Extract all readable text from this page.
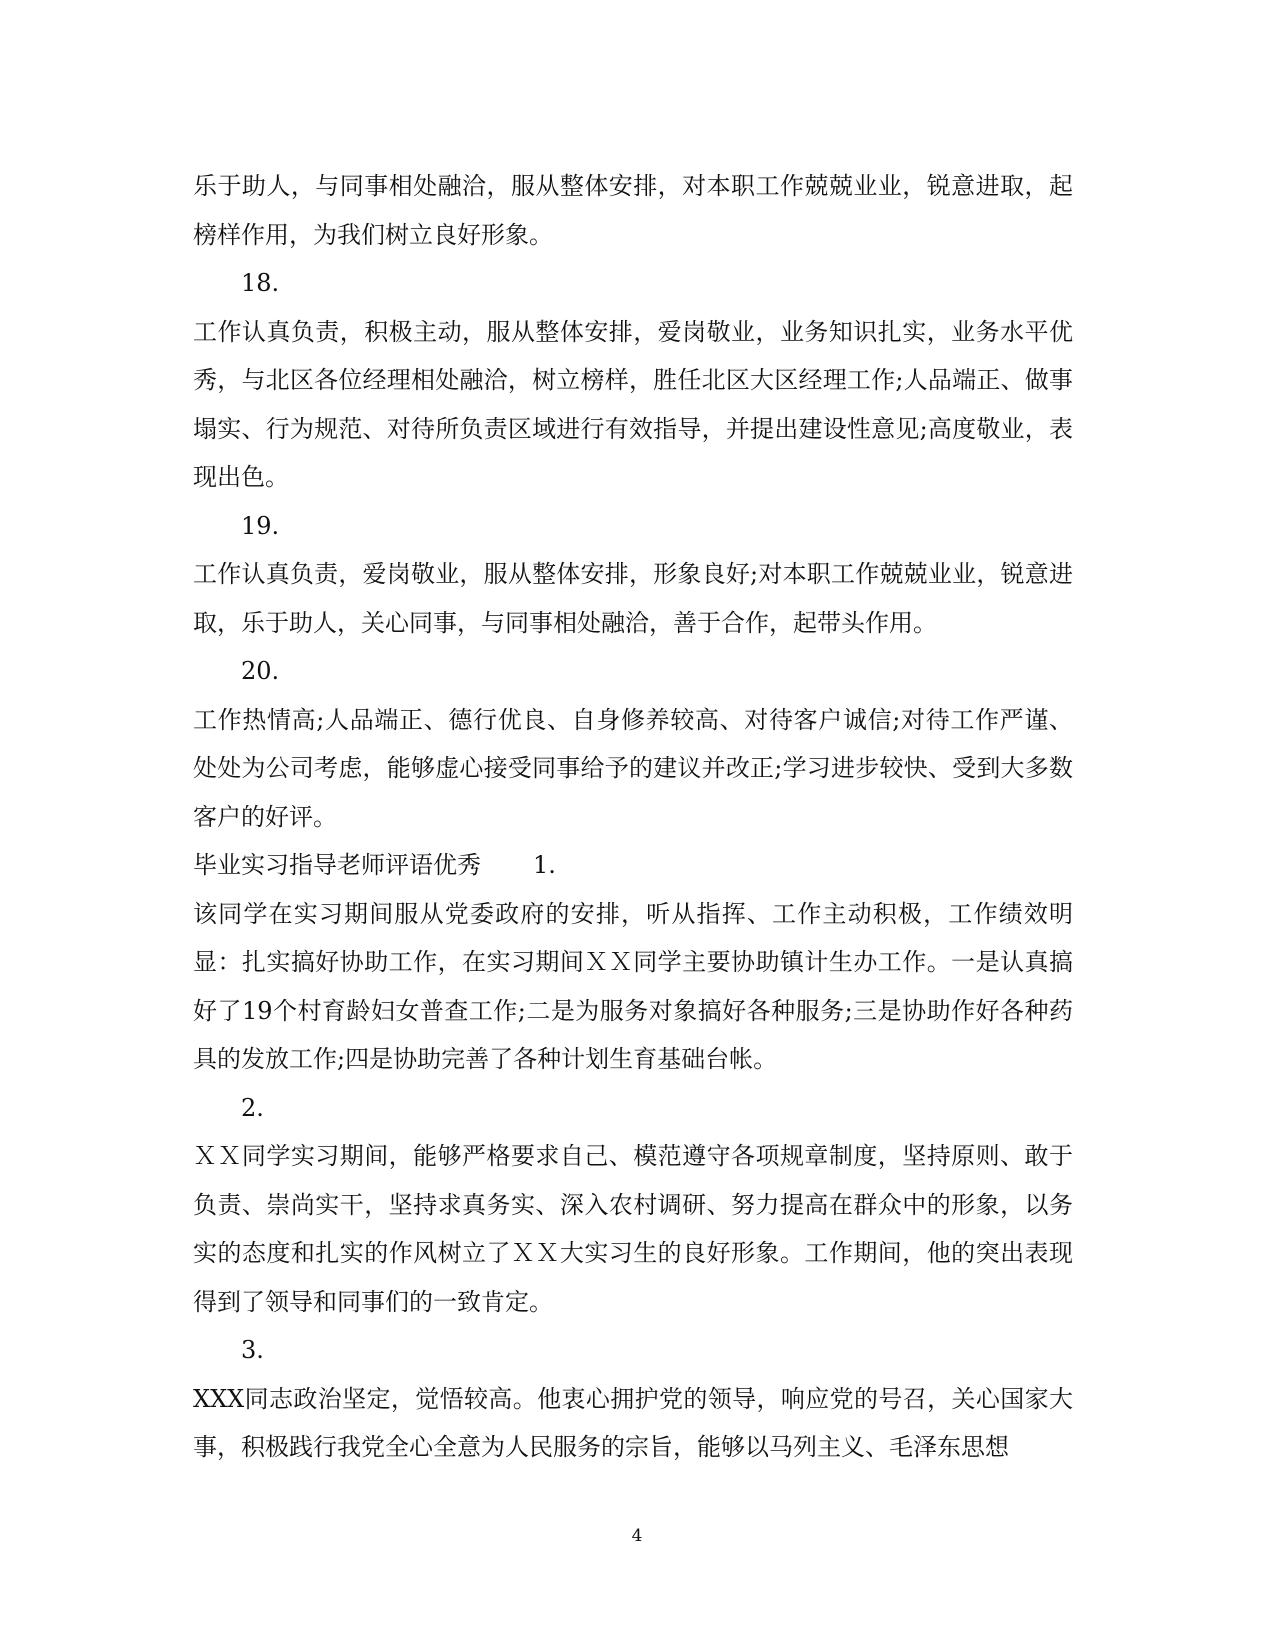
乐于助人，与同事相处融洽，服从整体安排，对本职工作兢兢业业，锐意进取，起榜样作用，为我们树立良好形象。

18.

工作认真负责，积极主动，服从整体安排，爱岗敬业，业务知识扎实，业务水平优秀，与北区各位经理相处融洽，树立榜样，胜任北区大区经理工作;人品端正、做事塌实、行为规范、对待所负责区域进行有效指导，并提出建设性意见;高度敬业，表现出色。

19.

工作认真负责，爱岗敬业，服从整体安排，形象良好;对本职工作兢兢业业，锐意进取，乐于助人，关心同事，与同事相处融洽，善于合作，起带头作用。

20.

工作热情高;人品端正、德行优良、自身修养较高、对待客户诚信;对待工作严谨、处处为公司考虑，能够虚心接受同事给予的建议并改正;学习进步较快、受到大多数客户的好评。

毕业实习指导老师评语优秀 1.

该同学在实习期间服从党委政府的安排，听从指挥、工作主动积极，工作绩效明显：扎实搞好协助工作，在实习期间ＸＸ同学主要协助镇计生办工作。一是认真搞好了19个村育龄妇女普查工作;二是为服务对象搞好各种服务;三是协助作好各种药具的发放工作;四是协助完善了各种计划生育基础台帐。

2.

ＸＸ同学实习期间，能够严格要求自己、模范遵守各项规章制度，坚持原则、敢于负责、崇尚实干，坚持求真务实、深入农村调研、努力提高在群众中的形象，以务实的态度和扎实的作风树立了ＸＸ大实习生的良好形象。工作期间，他的突出表现得到了领导和同事们的一致肯定。

3.

XXX同志政治坚定，觉悟较高。他衷心拥护党的领导，响应党的号召，关心国家大事，积极践行我党全心全意为人民服务的宗旨，能够以马列主义、毛泽东思想

4
